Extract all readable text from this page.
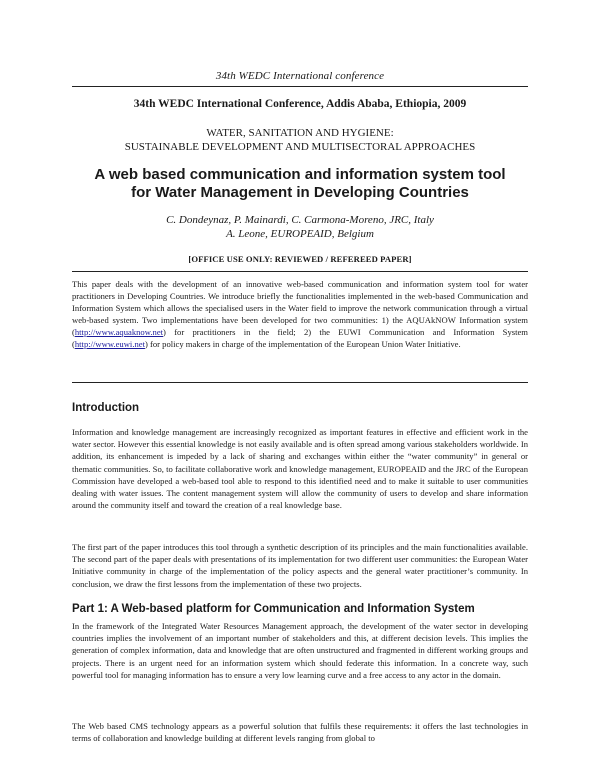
34th WEDC International conference
34th WEDC International Conference, Addis Ababa, Ethiopia, 2009
WATER, SANITATION AND HYGIENE:
SUSTAINABLE DEVELOPMENT AND MULTISECTORAL APPROACHES
A web based communication and information system tool
for Water Management in Developing Countries
C. Dondeynaz, P. Mainardi, C. Carmona-Moreno, JRC, Italy
A. Leone, EUROPEAID, Belgium
[OFFICE USE ONLY: REVIEWED / REFEREED PAPER]
This paper deals with the development of an innovative web-based communication and information system tool for water practitioners in Developing Countries. We introduce briefly the functionalities implemented in the web-based Communication and Information System which allows the specialised users in the Water field to improve the network communication through a virtual web-based system. Two implementations have been developed for two communities: 1) the AQUAkNOW Information system (http://www.aquaknow.net) for practitioners in the field; 2) the EUWI Communication and Information System (http://www.euwi.net) for policy makers in charge of the implementation of the European Union Water Initiative.
Introduction
Information and knowledge management are increasingly recognized as important features in effective and efficient work in the water sector. However this essential knowledge is not easily available and is often spread among various stakeholders worldwide. In addition, its enhancement is impeded by a lack of sharing and exchanges within either the “water community” in general or thematic communities. So, to facilitate collaborative work and knowledge management, EUROPEAID and the JRC of the European Commission have developed a web-based tool able to respond to this identified need and to make it suitable to user communities dealing with water issues. The content management system will allow the community of users to develop and share information around the community itself and toward the creation of a real knowledge base.
The first part of the paper introduces this tool through a synthetic description of its principles and the main functionalities available. The second part of the paper deals with presentations of its implementation for two different user communities: the European Water Initiative community in charge of the implementation of the policy aspects and the general water practitioner’s community. In conclusion, we draw the first lessons from the implementation of these two projects.
Part 1: A Web-based platform for Communication and Information System
In the framework of the Integrated Water Resources Management approach, the development of the water sector in developing countries implies the involvement of an important number of stakeholders and this, at different decision levels. This implies the generation of complex information, data and knowledge that are often unstructured and fragmented in different working groups and projects. There is an urgent need for an information system which should federate this information. In a concrete way, such powerful tool for managing information has to ensure a very low learning curve and a free access to any actor in the domain.
The Web based CMS technology appears as a powerful solution that fulfils these requirements: it offers the last technologies in terms of collaboration and knowledge building at different levels ranging from global to
